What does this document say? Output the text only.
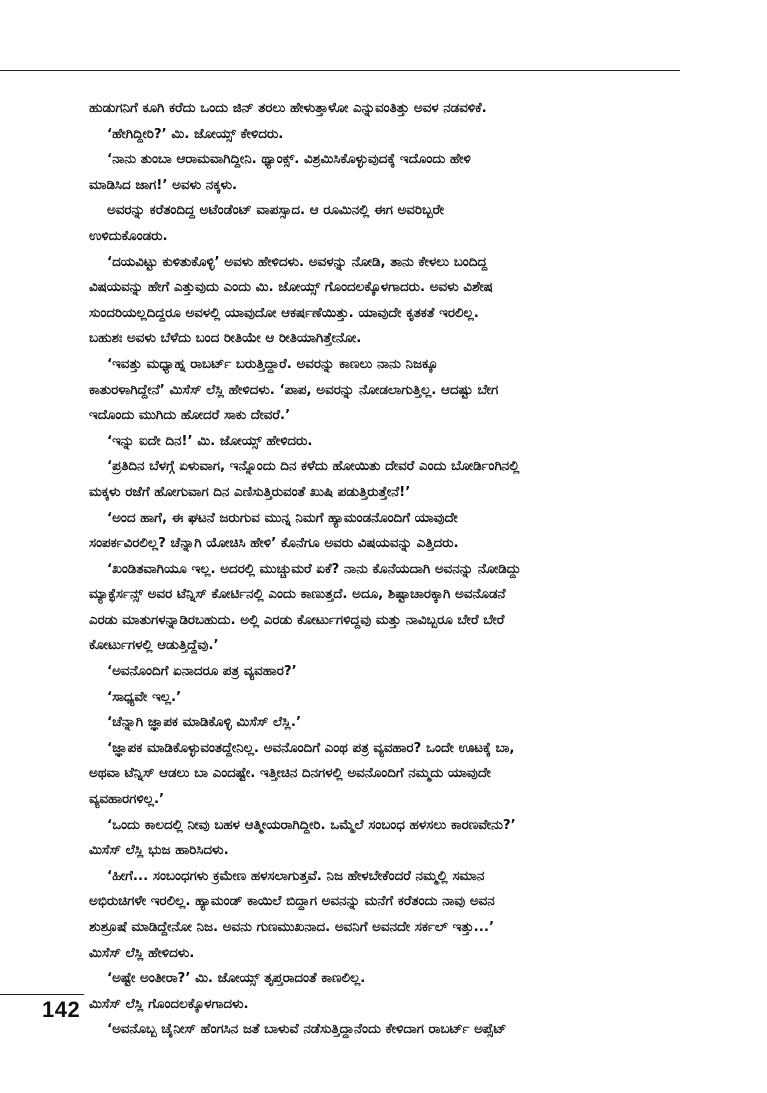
ಹುಡುಗನಿಗೆ ಕೂಗಿ ಕರೆದು ಒಂದು ಜಿನ್ ತರಲು ಹೇಳುತ್ತಾಳೋ ಎನ್ನುವಂತಿತ್ತು ಅವಳ ನಡವಳಿಕೆ.

‘ಹೇಗಿದ್ದೀರಿ?’ ಮಿ. ಜೋಯ್ಸ್ ಕೇಳಿದರು.

‘ನಾನು ತುಂಬಾ ಆರಾಮವಾಗಿದ್ದೀನಿ. ಥ್ಯಾಂಕ್ಸ್. ವಿಶ್ರಮಿಸಿಕೊಳ್ಳುವುದಕ್ಕೆ ಇದೊಂದು ಹೇಳಿ
ಮಾಡಿಸಿದ ಜಾಗ!’ ಅವಳು ನಕ್ಕಳು.

ಅವರನ್ನು ಕರೆತಂದಿದ್ದ ಅಟೆಂಡೆಂಟ್ ವಾಪಸ್ಸಾದ. ಆ ರೂಮಿನಲ್ಲಿ ಈಗ ಅವರಿಬ್ಬರೇ
ಉಳಿದುಕೊಂಡರು.

‘ದಯವಿಟ್ಟು ಕುಳಿತುಕೊಳ್ಳಿ’ ಅವಳು ಹೇಳಿದಳು. ಅವಳನ್ನು ನೋಡಿ, ತಾನು ಕೇಳಲು ಬಂದಿದ್ದ
ವಿಷಯವನ್ನು ಹೇಗೆ ಎತ್ತುವುದು ಎಂದು ಮಿ. ಜೋಯ್ಸ್ ಗೊಂದಲಕ್ಕೊಳಗಾದರು. ಅವಳು ವಿಶೇಷ
ಸುಂದರಿಯಲ್ಲದಿದ್ದರೂ ಅವಳಲ್ಲಿ ಯಾವುದೋ ಆಕರ್ಷಣೆಯಿತ್ತು. ಯಾವುದೇ ಕೃತಕತೆ ಇರಲಿಲ್ಲ.
ಬಹುಶಃ ಅವಳು ಬೆಳೆದು ಬಂದ ರೀತಿಯೇ ಆ ರೀತಿಯಾಗಿತ್ತೇನೋ.

‘ಇವತ್ತು ಮಧ್ಯಾಹ್ನ ರಾಬರ್ಟ್ ಬರುತ್ತಿದ್ದಾರೆ. ಅವರನ್ನು ಕಾಣಲು ನಾನು ನಿಜಕ್ಕೂ
ಕಾತುರಳಾಗಿದ್ದೇನೆ’ ಮಿಸೆಸ್ ಲೆಸ್ಲಿ ಹೇಳಿದಳು. ‘ಪಾಪ, ಅವರನ್ನು ನೋಡಲಾಗುತ್ತಿಲ್ಲ. ಆದಷ್ಟು ಬೇಗ
ಇದೊಂದು ಮುಗಿದು ಹೋದರೆ ಸಾಕು ದೇವರೆ.’

‘ಇನ್ನು ಐದೇ ದಿನ!’ ಮಿ. ಜೋಯ್ಸ್ ಹೇಳಿದರು.

‘ಪ್ರತಿದಿನ ಬೆಳಗ್ಗೆ ಏಳುವಾಗ, ಇನ್ನೊಂದು ದಿನ ಕಳೆದು ಹೋಯಿತು ದೇವರೆ ಎಂದು ಬೋರ್ಡಿಂಗಿನಲ್ಲಿ
ಮಕ್ಕಳು ರಜೆಗೆ ಹೋಗುವಾಗ ದಿನ ಎಣಿಸುತ್ತಿರುವಂತೆ ಖುಷಿ ಪಡುತ್ತಿರುತ್ತೇನೆ!’

‘ಅಂದ ಹಾಗೆ, ಈ ಘಟನೆ ಜರುಗುವ ಮುನ್ನ ನಿಮಗೆ ಹ್ಯಾಮಂಡನೊಂದಿಗೆ ಯಾವುದೇ
ಸಂಪರ್ಕವಿರಲಿಲ್ಲ? ಚೆನ್ನಾಗಿ ಯೋಚಿಸಿ ಹೇಳಿ’ ಕೊನೆಗೂ ಅವರು ವಿಷಯವನ್ನು ಎತ್ತಿದರು.

‘ಖಂಡಿತವಾಗಿಯೂ ಇಲ್ಲ. ಅದರಲ್ಲಿ ಮುಚ್ಚುಮರೆ ಏಕೆ? ನಾನು ಕೊನೆಯದಾಗಿ ಅವನನ್ನು ನೋಡಿದ್ದು
ಮ್ಯಾಕ್ಫೆರ್ಸನ್ಸ್ ಅವರ ಟೆನ್ನಿಸ್ ಕೋರ್ಟಿನಲ್ಲಿ ಎಂದು ಕಾಣುತ್ತದೆ. ಅದೂ, ಶಿಷ್ಟಾಚಾರಕ್ಕಾಗಿ ಅವನೊಡನೆ
ಎರಡು ಮಾತುಗಳನ್ನಾಡಿರಬಹುದು. ಅಲ್ಲಿ ಎರಡು ಕೋರ್ಟುಗಳಿದ್ದವು ಮತ್ತು ನಾವಿಬ್ಬರೂ ಬೇರೆ ಬೇರೆ
ಕೋರ್ಟುಗಳಲ್ಲಿ ಆಡುತ್ತಿದ್ದೆವು.’

‘ಅವನೊಂದಿಗೆ ಏನಾದರೂ ಪತ್ರ ವ್ಯವಹಾರ?’

‘ಸಾಧ್ಯವೇ ಇಲ್ಲ.’

‘ಚೆನ್ನಾಗಿ ಜ್ಞಾಪಕ ಮಾಡಿಕೊಳ್ಳಿ ಮಿಸೆಸ್ ಲೆಸ್ಲಿ.’

‘ಜ್ಞಾಪಕ ಮಾಡಿಕೊಳ್ಳುವಂತದ್ದೇನಿಲ್ಲ. ಅವನೊಂದಿಗೆ ಎಂಥ ಪತ್ರ ವ್ಯವಹಾರ? ಒಂದೇ ಊಟಕ್ಕೆ ಬಾ,
ಅಥವಾ ಟೆನ್ನಿಸ್ ಆಡಲು ಬಾ ಎಂದಷ್ಟೇ. ಇತ್ತೀಚಿನ ದಿನಗಳಲ್ಲಿ ಅವನೊಂದಿಗೆ ನಮ್ಮದು ಯಾವುದೇ
ವ್ಯವಹಾರಗಳಿಲ್ಲ.’

‘ಒಂದು ಕಾಲದಲ್ಲಿ ನೀವು ಬಹಳ ಆತ್ಮೀಯರಾಗಿದ್ದೀರಿ. ಒಮ್ಮೆಲೆ ಸಂಬಂಧ ಹಳಸಲು ಕಾರಣವೇನು?’
ಮಿಸೆಸ್ ಲೆಸ್ಲಿ ಭುಜ ಹಾರಿಸಿದಳು.

‘ಹೀಗೆ... ಸಂಬಂಧಗಳು ಕ್ರಮೇಣ ಹಳಸಲಾಗುತ್ತವೆ. ನಿಜ ಹೇಳಬೇಕೆಂದರೆ ನಮ್ಮಲ್ಲಿ ಸಮಾನ
ಅಭಿರುಚಿಗಳೇ ಇರಲಿಲ್ಲ. ಹ್ಯಾಮಂಡ್ ಕಾಯಿಲೆ ಬಿದ್ದಾಗ ಅವನನ್ನು ಮನೆಗೆ ಕರೆತಂದು ನಾವು ಅವನ
ಶುಶ್ರೂಷೆ ಮಾಡಿದ್ದೇನೋ ನಿಜ. ಅವನು ಗುಣಮುಖನಾದ. ಅವನಿಗೆ ಅವನದೇ ಸರ್ಕಲ್ ಇತ್ತು...’
ಮಿಸೆಸ್ ಲೆಸ್ಲಿ ಹೇಳಿದಳು.

‘ಅಷ್ಟೇ ಅಂತೀರಾ?’ ಮಿ. ಜೋಯ್ಸ್ ತೃಪ್ತರಾದಂತೆ ಕಾಣಲಿಲ್ಲ.
ಮಿಸೆಸ್ ಲೆಸ್ಲಿ ಗೊಂದಲಕ್ಕೊಳಗಾದಳು.

‘ಅವನೊಬ್ಬ ಚೈನೀಸ್ ಹೆಂಗಸಿನ ಜತೆ ಬಾಳುವೆ ನಡೆಸುತ್ತಿದ್ದಾನೆಂದು ಕೇಳಿದಾಗ ರಾಬರ್ಟ್ ಅಪ್ಸೆಟ್

142
